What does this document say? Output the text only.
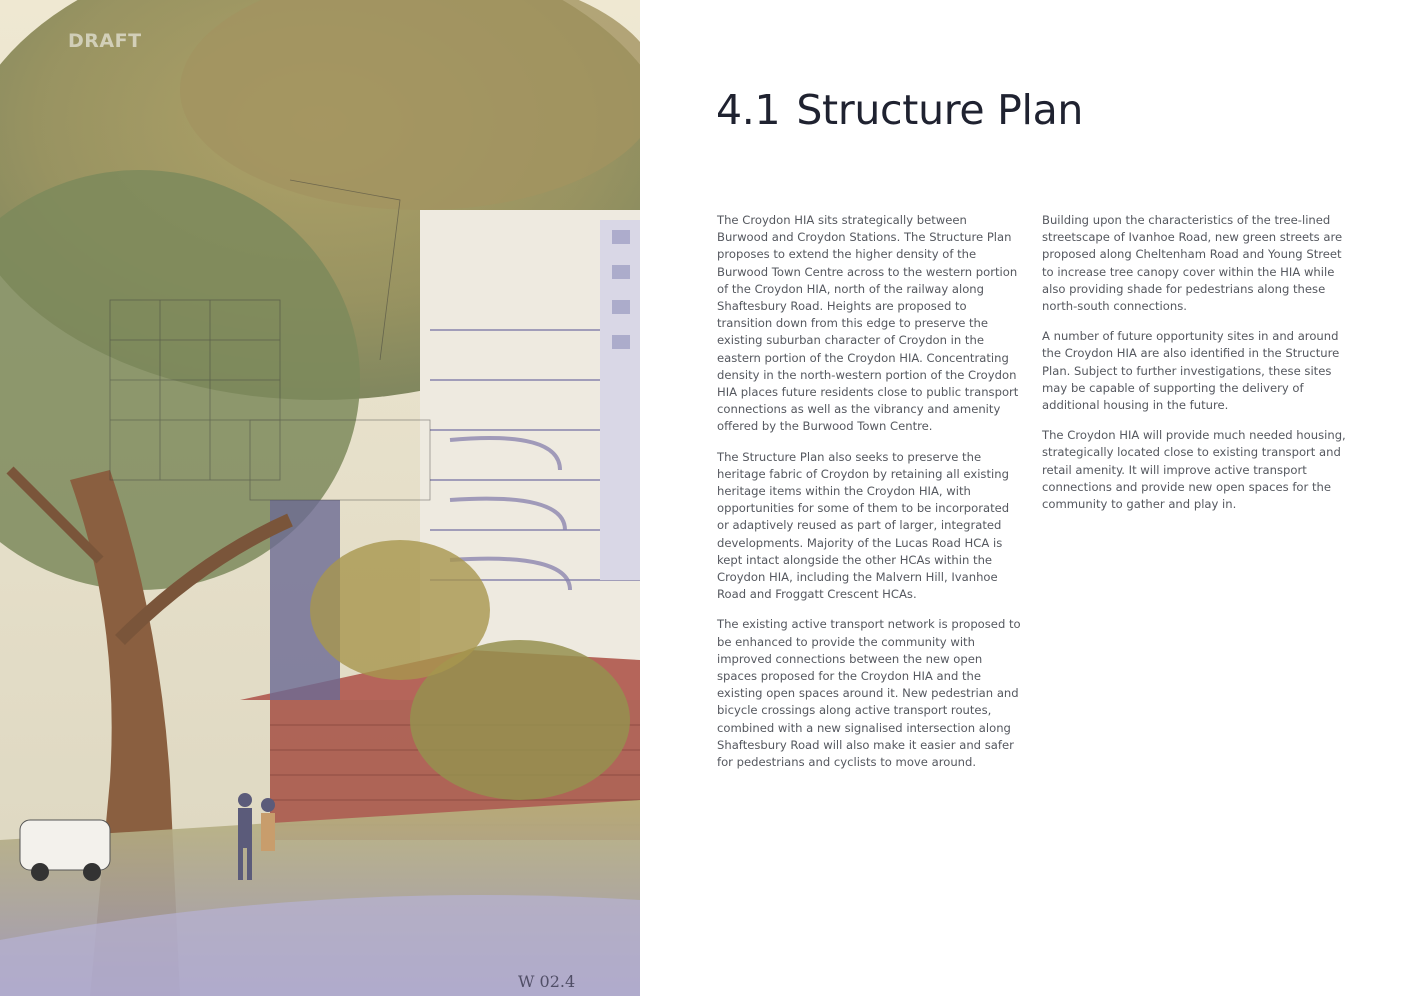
DRAFT
W 02.4
4.1 Structure Plan

The Croydon HIA sits strategically between Burwood and Croydon Stations. The Structure Plan proposes to extend the higher density of the Burwood Town Centre across to the western portion of the Croydon HIA, north of the railway along Shaftesbury Road. Heights are proposed to transition down from this edge to preserve the existing suburban character of Croydon in the eastern portion of the Croydon HIA. Concentrating density in the north-western portion of the Croydon HIA places future residents close to public transport connections as well as the vibrancy and amenity offered by the Burwood Town Centre.

The Structure Plan also seeks to preserve the heritage fabric of Croydon by retaining all existing heritage items within the Croydon HIA, with opportunities for some of them to be incorporated or adaptively reused as part of larger, integrated developments. Majority of the Lucas Road HCA is kept intact alongside the other HCAs within the Croydon HIA, including the Malvern Hill, Ivanhoe Road and Froggatt Crescent HCAs.

The existing active transport network is proposed to be enhanced to provide the community with improved connections between the new open spaces proposed for the Croydon HIA and the existing open spaces around it. New pedestrian and bicycle crossings along active transport routes, combined with a new signalised intersection along Shaftesbury Road will also make it easier and safer for pedestrians and cyclists to move around.

Building upon the characteristics of the tree-lined streetscape of Ivanhoe Road, new green streets are proposed along Cheltenham Road and Young Street to increase tree canopy cover within the HIA while also providing shade for pedestrians along these north-south connections.

A number of future opportunity sites in and around the Croydon HIA are also identified in the Structure Plan. Subject to further investigations, these sites may be capable of supporting the delivery of additional housing in the future.

The Croydon HIA will provide much needed housing, strategically located close to existing transport and retail amenity. It will improve active transport connections and provide new open spaces for the community to gather and play in.
